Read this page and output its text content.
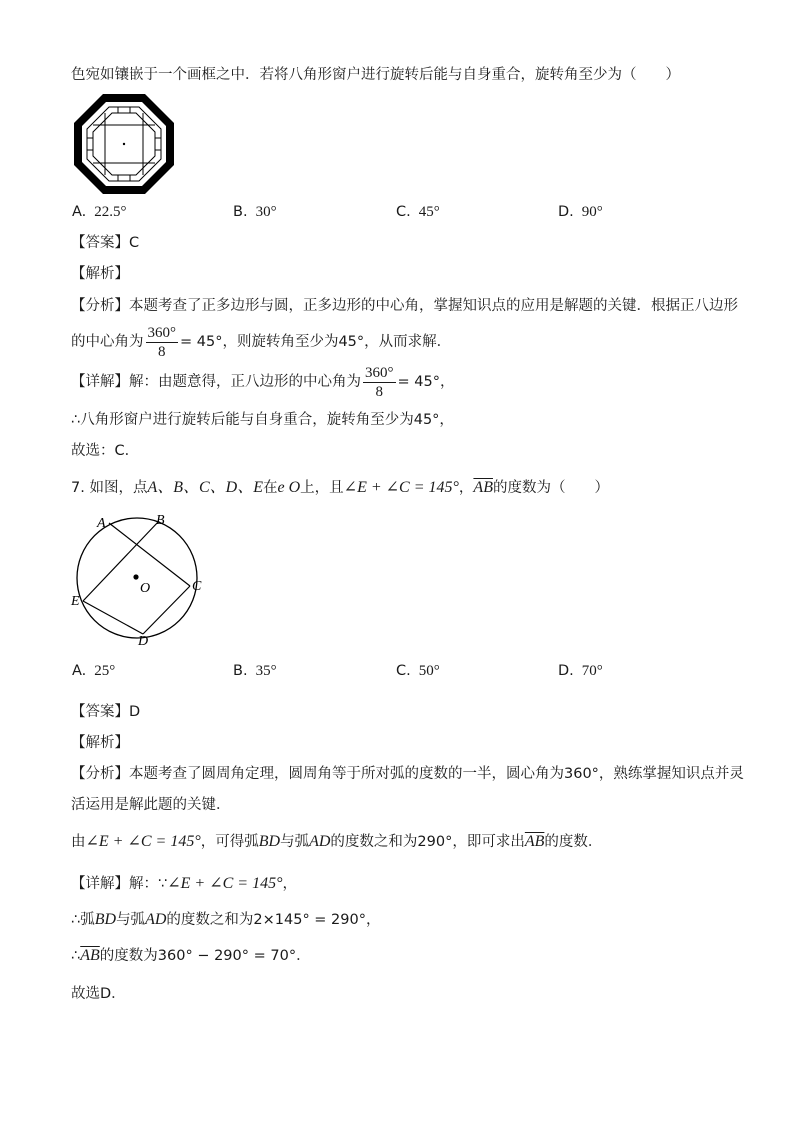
色宛如镶嵌于一个画框之中．若将八角形窗户进行旋转后能与自身重合，旋转角至少为（　　）
A. 22.5°	B. 30°	C. 45°	D. 90°
【答案】C
【解析】
【分析】本题考查了正多边形与圆，正多边形的中心角，掌握知识点的应用是解题的关键．根据正八边形
的中心角为 $\frac{360^\circ}{8} = 45^\circ$，则旋转角至少为45°，从而求解．
【详解】解：由题意得，正八边形的中心角为 $\frac{360^\circ}{8} = 45^\circ$，
∴八角形窗户进行旋转后能与自身重合，旋转角至少为45°，
故选：C．
7. 如图，点A、B、C、D、E在e O上，且∠E + ∠C = 145°，$\overline{AB}$的度数为（　　）
A	B
C
D
E
O
A. 25°	B. 35°	C. 50°	D. 70°
【答案】D
【解析】
【分析】本题考查了圆周角定理，圆周角等于所对弧的度数的一半，圆心角为360°，熟练掌握知识点并灵
活运用是解此题的关键．
由∠E + ∠C = 145°，可得弧BD与弧AD的度数之和为290°，即可求出$\overline{AB}$的度数．
【详解】解：∵∠E + ∠C = 145°，
∴弧BD与弧AD的度数之和为2×145° = 290°，
$\therefore\overline{AB}$的度数为360° − 290° = 70°．
故选D．
